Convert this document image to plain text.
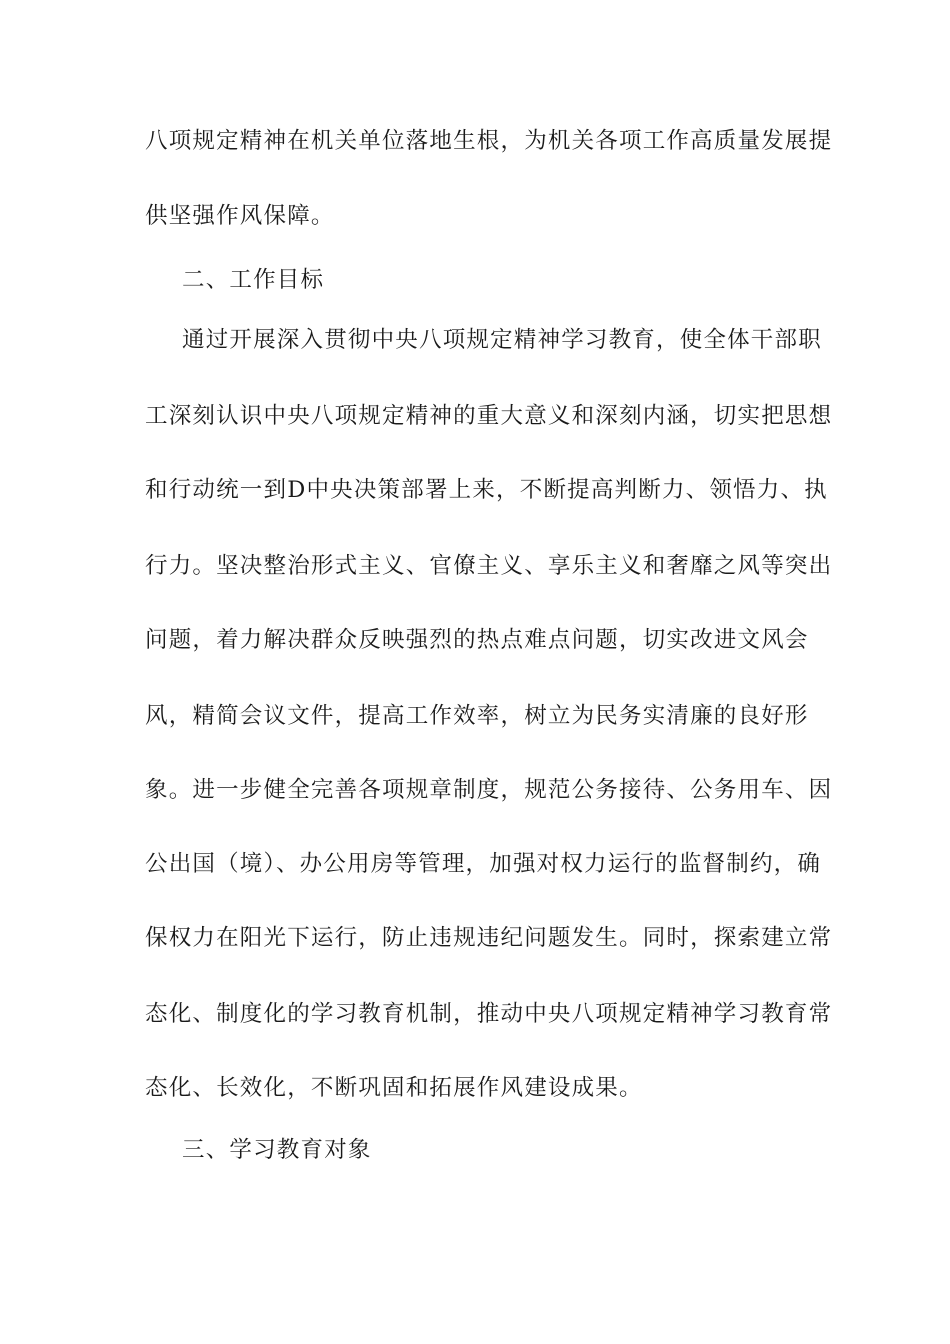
八项规定精神在机关单位落地生根，为机关各项工作高质量发展提
供坚强作风保障。
二、工作目标
通过开展深入贯彻中央八项规定精神学习教育，使全体干部职
工深刻认识中央八项规定精神的重大意义和深刻内涵，切实把思想
和行动统一到D中央决策部署上来，不断提高判断力、领悟力、执
行力。坚决整治形式主义、官僚主义、享乐主义和奢靡之风等突出
问题，着力解决群众反映强烈的热点难点问题，切实改进文风会
风，精简会议文件，提高工作效率，树立为民务实清廉的良好形
象。进一步健全完善各项规章制度，规范公务接待、公务用车、因
公出国（境）、办公用房等管理，加强对权力运行的监督制约，确
保权力在阳光下运行，防止违规违纪问题发生。同时，探索建立常
态化、制度化的学习教育机制，推动中央八项规定精神学习教育常
态化、长效化，不断巩固和拓展作风建设成果。
三、学习教育对象
